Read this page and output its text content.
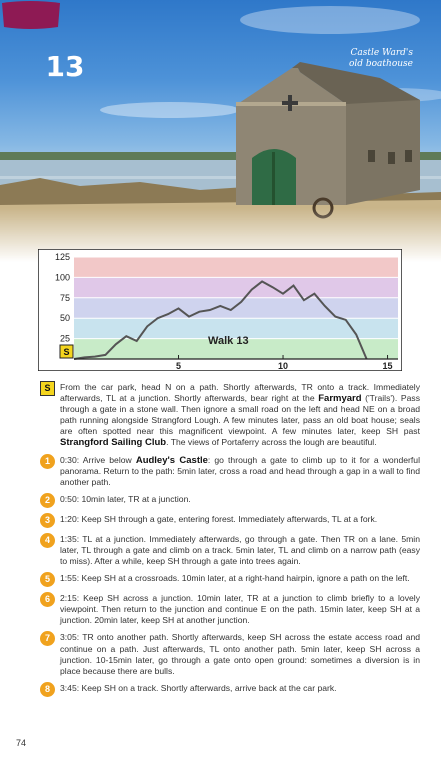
13	Castle Ward's
old boathouse
125
100
75
50
25
5	10	15
Walk 13
S
S	From the car park, head N on a path. Shortly afterwards, TR onto a track. Immediately afterwards, TL at a junction. Shortly afterwards, bear right at the Farmyard ('Trails'). Pass through a gate in a stone wall. Then ignore a small road on the left and head NE on a broad path running alongside Strangford Lough. A few minutes later, pass an old boat house; seals are often spotted near this magnificent viewpoint. A few minutes later, keep SH past Strangford Sailing Club. The views of Portaferry across the lough are beautiful.
1	0:30: Arrive below Audley's Castle: go through a gate to climb up to it for a wonderful panorama. Return to the path: 5min later, cross a road and head through a gap in a wall to find another path.
2	0:50: 10min later, TR at a junction.
3	1:20: Keep SH through a gate, entering forest. Immediately afterwards, TL at a fork.
4	1:35: TL at a junction. Immediately afterwards, go through a gate. Then TR on a lane. 5min later, TL through a gate and climb on a track. 5min later, TL and climb on a narrow path (easy to miss). After a while, keep SH through a gate into trees again.
5	1:55: Keep SH at a crossroads. 10min later, at a right-hand hairpin, ignore a path on the left.
6	2:15: Keep SH across a junction. 10min later, TR at a junction to climb briefly to a lovely viewpoint. Then return to the junction and continue E on the path. 15min later, keep SH at a junction. 20min later, keep SH at another junction.
7	3:05: TR onto another path. Shortly afterwards, keep SH across the estate access road and continue on a path. Just afterwards, TL onto another path. 5min later, keep SH across a junction. 10-15min later, go through a gate onto open ground: sometimes a diversion is in place because there are bulls.
8	3:45: Keep SH on a track. Shortly afterwards, arrive back at the car park.
74
